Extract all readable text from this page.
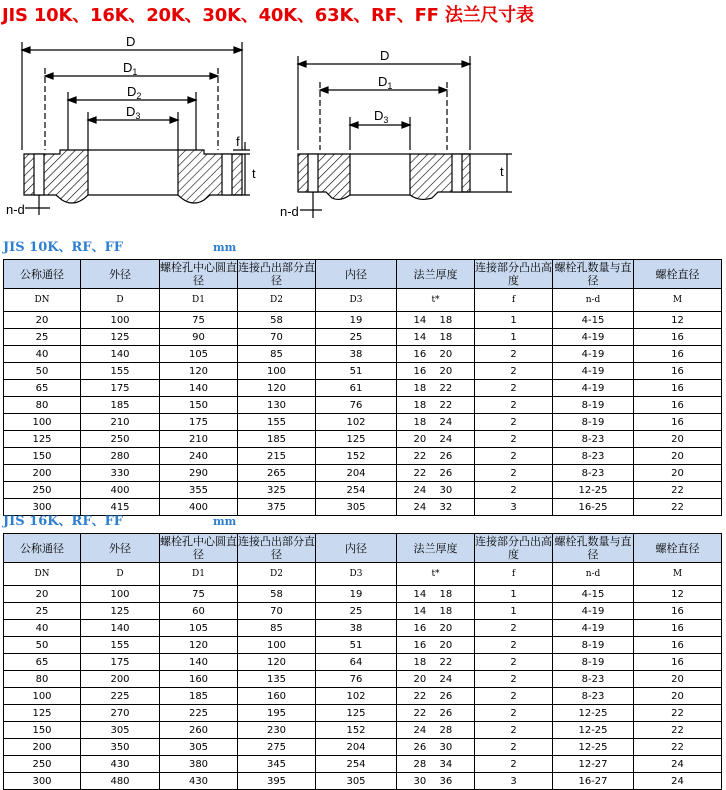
JIS 10K、16K、20K、30K、40K、63K、RF、FF 法兰尺寸表
D
$D_1$
$D_2$
$D_3$
f
t
n-d
D
$D_1$
$D_3$
t
n-d
JIS 10K、RF、FF	mm
公称通径	外径	螺栓孔中心圆直径	连接凸出部分直径	内径	法兰厚度	连接部分凸出高度	螺栓孔数量与直径	螺栓直径
DN	D	D1	D2	D3	t*	f	n-d	M
20	100	75	58	19	14 18	1	4-15	12
25	125	90	70	25	14 18	1	4-19	16
40	140	105	85	38	16 20	2	4-19	16
50	155	120	100	51	16 20	2	4-19	16
65	175	140	120	61	18 22	2	4-19	16
80	185	150	130	76	18 22	2	8-19	16
100	210	175	155	102	18 24	2	8-19	16
125	250	210	185	125	20 24	2	8-23	20
150	280	240	215	152	22 26	2	8-23	20
200	330	290	265	204	22 26	2	8-23	20
250	400	355	325	254	24 30	2	12-25	22
300	415	400	375	305	24 32	3	16-25	22
JIS 16K、RF、FF	mm
公称通径	外径	螺栓孔中心圆直径	连接凸出部分直径	内径	法兰厚度	连接部分凸出高度	螺栓孔数量与直径	螺栓直径
DN	D	D1	D2	D3	t*	f	n-d	M
20	100	75	58	19	14 18	1	4-15	12
25	125	60	70	25	14 18	1	4-19	16
40	140	105	85	38	16 20	2	4-19	16
50	155	120	100	51	16 20	2	8-19	16
65	175	140	120	64	18 22	2	8-19	16
80	200	160	135	76	20 24	2	8-23	20
100	225	185	160	102	22 26	2	8-23	20
125	270	225	195	125	22 26	2	12-25	22
150	305	260	230	152	24 28	2	12-25	22
200	350	305	275	204	26 30	2	12-25	22
250	430	380	345	254	28 34	2	12-27	24
300	480	430	395	305	30 36	3	16-27	24
